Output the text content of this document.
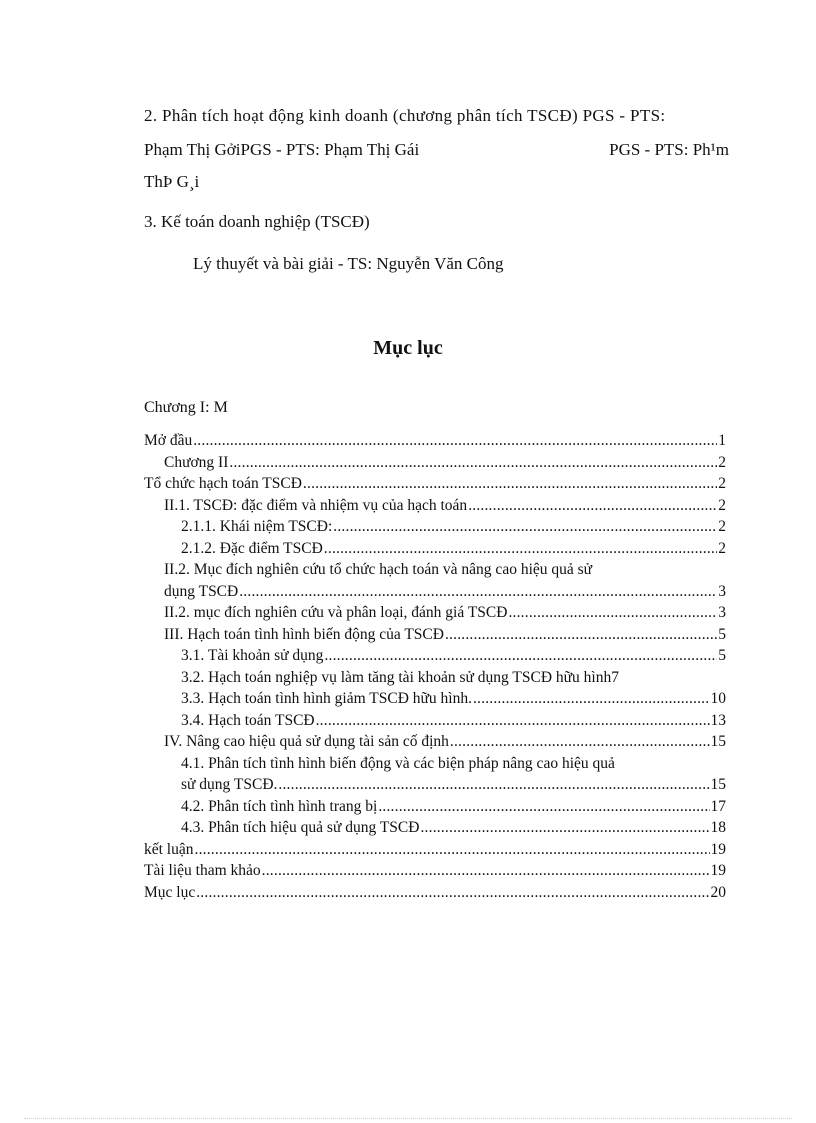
2. Phân tích hoạt động kinh doanh (chương phân tích TSCĐ) PGS - PTS:
Phạm Thị GởiPGS - PTS: Phạm Thị Gái	PGS - PTS: Ph¹m
ThÞ G¸i
3. Kế toán doanh nghiệp (TSCĐ)
Lý thuyết và bài giải - TS: Nguyễn Văn Công
Mục lục
Chương I: M
Mở đầu .....	1
Chương II .....	2
Tổ chức hạch toán TSCĐ .....	2
II.1. TSCĐ: đặc điểm và nhiệm vụ của hạch toán .....	2
2.1.1. Khái niệm TSCĐ: .....	2
2.1.2. Đặc điểm TSCĐ .....	2
II.2. Mục đích nghiên cứu tổ chức hạch toán và nâng cao hiệu quả sử
dụng TSCĐ .....	3
II.2. mục đích nghiên cứu và phân loại, đánh giá TSCĐ .....	3
III. Hạch toán tình hình biến động của TSCĐ .....	5
3.1. Tài khoản sử dụng .....	5
3.2. Hạch toán nghiệp vụ làm tăng tài khoản sử dụng TSCĐ hữu hình 7
3.3. Hạch toán tình hình giảm TSCĐ hữu hình. .....	10
3.4. Hạch toán TSCĐ .....	13
IV. Nâng cao hiệu quả sử dụng tài sản cố định .....	15
4.1. Phân tích tình hình biến động và các biện pháp nâng cao hiệu quả
sử dụng TSCĐ. .....	15
4.2. Phân tích tình hình trang bị .....	17
4.3. Phân tích hiệu quả sử dụng TSCĐ .....	18
kết luận .....	19
Tài liệu tham khảo .....	19
Mục lục .....	20
